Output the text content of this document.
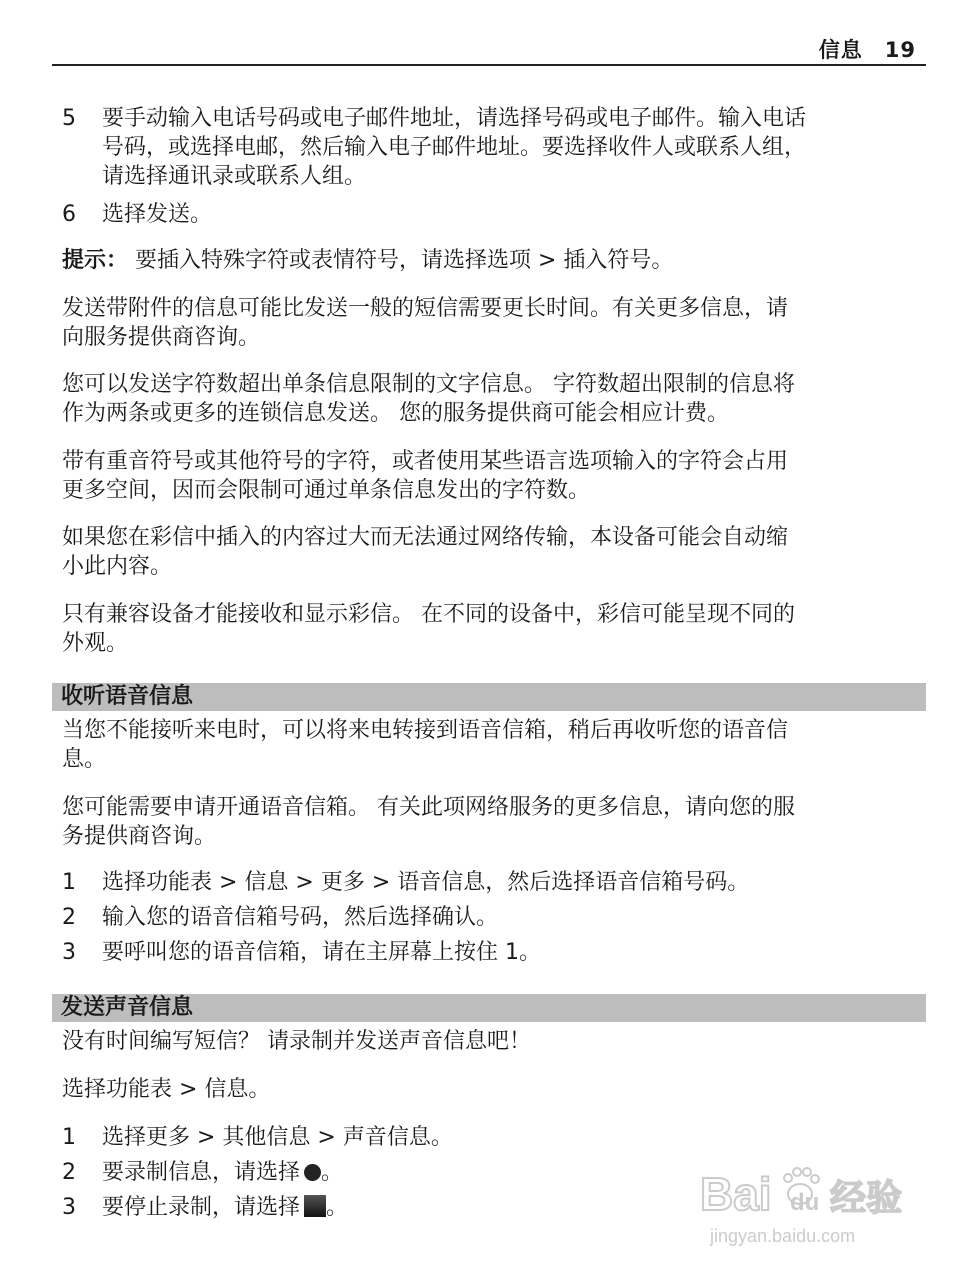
信息 19
5 要手动输入电话号码或电子邮件地址，请选择号码或电子邮件。输入电话
号码，或选择电邮，然后输入电子邮件地址。要选择收件人或联系人组，
请选择通讯录或联系人组。
6 选择发送。
提示： 要插入特殊字符或表情符号，请选择选项 > 插入符号。
发送带附件的信息可能比发送一般的短信需要更长时间。有关更多信息，请
向服务提供商咨询。
您可以发送字符数超出单条信息限制的文字信息。 字符数超出限制的信息将
作为两条或更多的连锁信息发送。 您的服务提供商可能会相应计费。
带有重音符号或其他符号的字符，或者使用某些语言选项输入的字符会占用
更多空间，因而会限制可通过单条信息发出的字符数。
如果您在彩信中插入的内容过大而无法通过网络传输，本设备可能会自动缩
小此内容。
只有兼容设备才能接收和显示彩信。 在不同的设备中，彩信可能呈现不同的
外观。
收听语音信息
当您不能接听来电时，可以将来电转接到语音信箱，稍后再收听您的语音信
息。
您可能需要申请开通语音信箱。 有关此项网络服务的更多信息，请向您的服
务提供商咨询。
1 选择功能表 > 信息 > 更多 > 语音信息，然后选择语音信箱号码。
2 输入您的语音信箱号码，然后选择确认。
3 要呼叫您的语音信箱，请在主屏幕上按住 1。
发送声音信息
没有时间编写短信？ 请录制并发送声音信息吧！
选择功能表 > 信息。
1 选择更多 > 其他信息 > 声音信息。
2 要录制信息，请选择 。
3 要停止录制，请选择 。	Bai du 经验
jingyan.baidu.com
